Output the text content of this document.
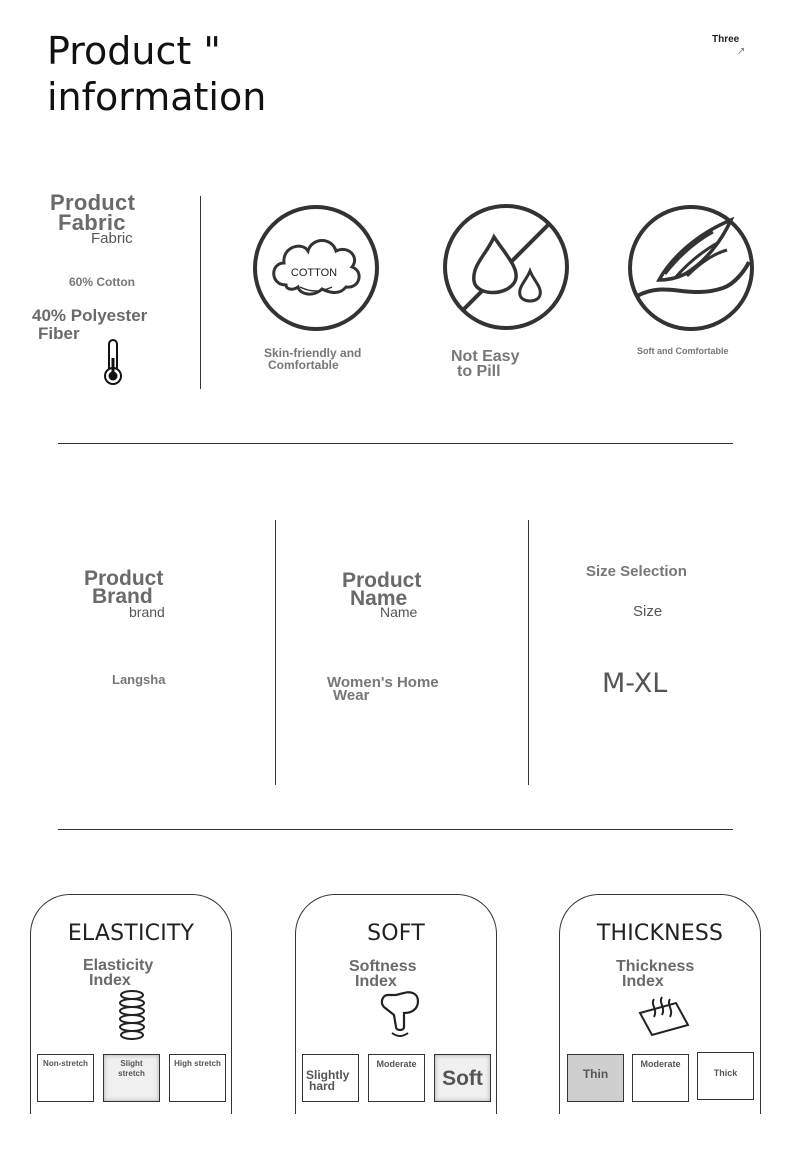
Product "
information
Three
↗
Product
Fabric
Fabric
60% Cotton
40% Polyester
Fiber
COTTON
Skin-friendly and
Comfortable	Not Easy
to Pill
Soft and Comfortable
Product
Brand
brand
Langsha
Product
Name
Name
Women's Home
Wear
Size Selection
Size
M-XL
ELASTICITY
Elasticity
Index
Non-stretch	Slight stretch
High stretch
SOFT
Softness
Index
Slightly
hard
Moderate
Soft
THICKNESS
Thickness
Index
Thin
Moderate
Thick
